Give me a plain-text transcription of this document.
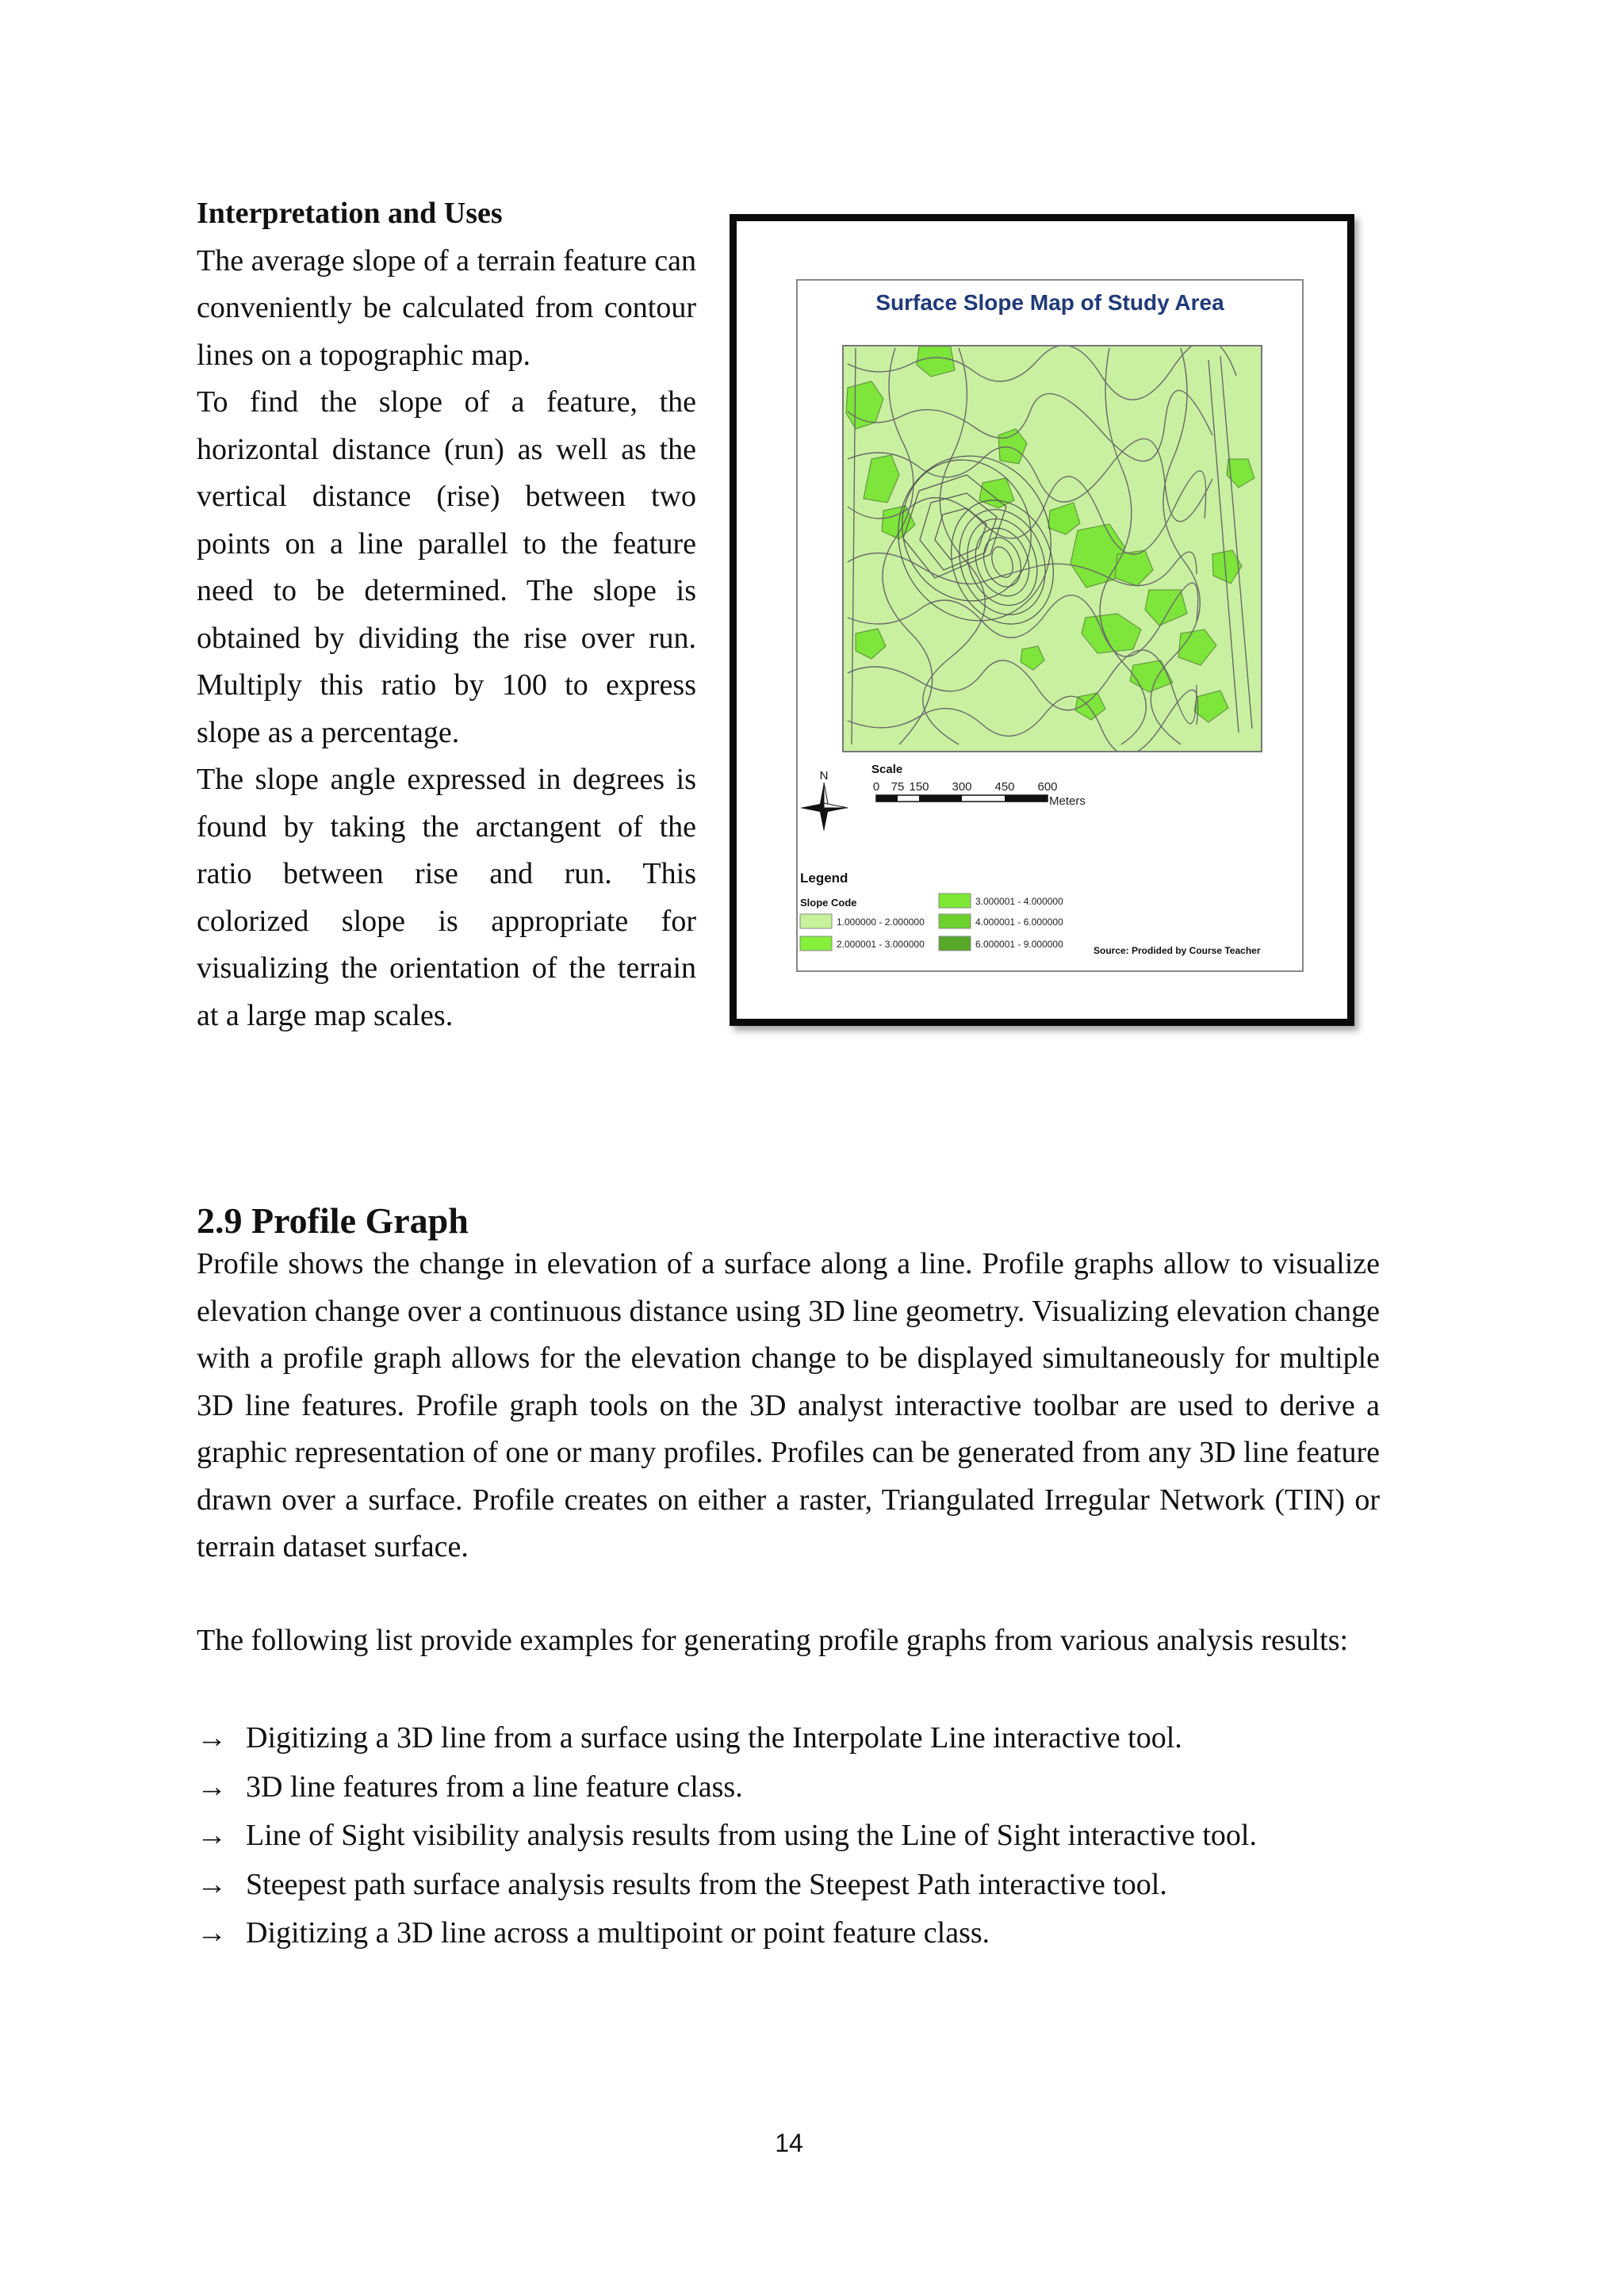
Interpretation and Uses

The average slope of a terrain feature can conveniently be calculated from contour lines on a topographic map.

To find the slope of a feature, the horizontal distance (run) as well as the vertical distance (rise) between two points on a line parallel to the feature need to be determined. The slope is obtained by dividing the rise over run. Multiply this ratio by 100 to express slope as a percentage.

The slope angle expressed in degrees is found by taking the arctangent of the ratio between rise and run. This colorized slope is appropriate for visualizing the orientation of the terrain at a large map scales.

Surface Slope Map of Study Area
N	Scale
0 75 150 300 450 600
Meters
Legend
Slope Code
1.000000 - 2.000000
2.000001 - 3.000000
3.000001 - 4.000000
4.000001 - 6.000000
6.000001 - 9.000000
Source: Prodided by Course Teacher
2.9 Profile Graph

Profile shows the change in elevation of a surface along a line. Profile graphs allow to visualize elevation change over a continuous distance using 3D line geometry. Visualizing elevation change with a profile graph allows for the elevation change to be displayed simultaneously for multiple 3D line features. Profile graph tools on the 3D analyst interactive toolbar are used to derive a graphic representation of one or many profiles. Profiles can be generated from any 3D line feature drawn over a surface. Profile creates on either a raster, Triangulated Irregular Network (TIN) or terrain dataset surface.

The following list provide examples for generating profile graphs from various analysis results:

→ Digitizing a 3D line from a surface using the Interpolate Line interactive tool.
→ 3D line features from a line feature class.
→ Line of Sight visibility analysis results from using the Line of Sight interactive tool.
→ Steepest path surface analysis results from the Steepest Path interactive tool.
→ Digitizing a 3D line across a multipoint or point feature class.
14
